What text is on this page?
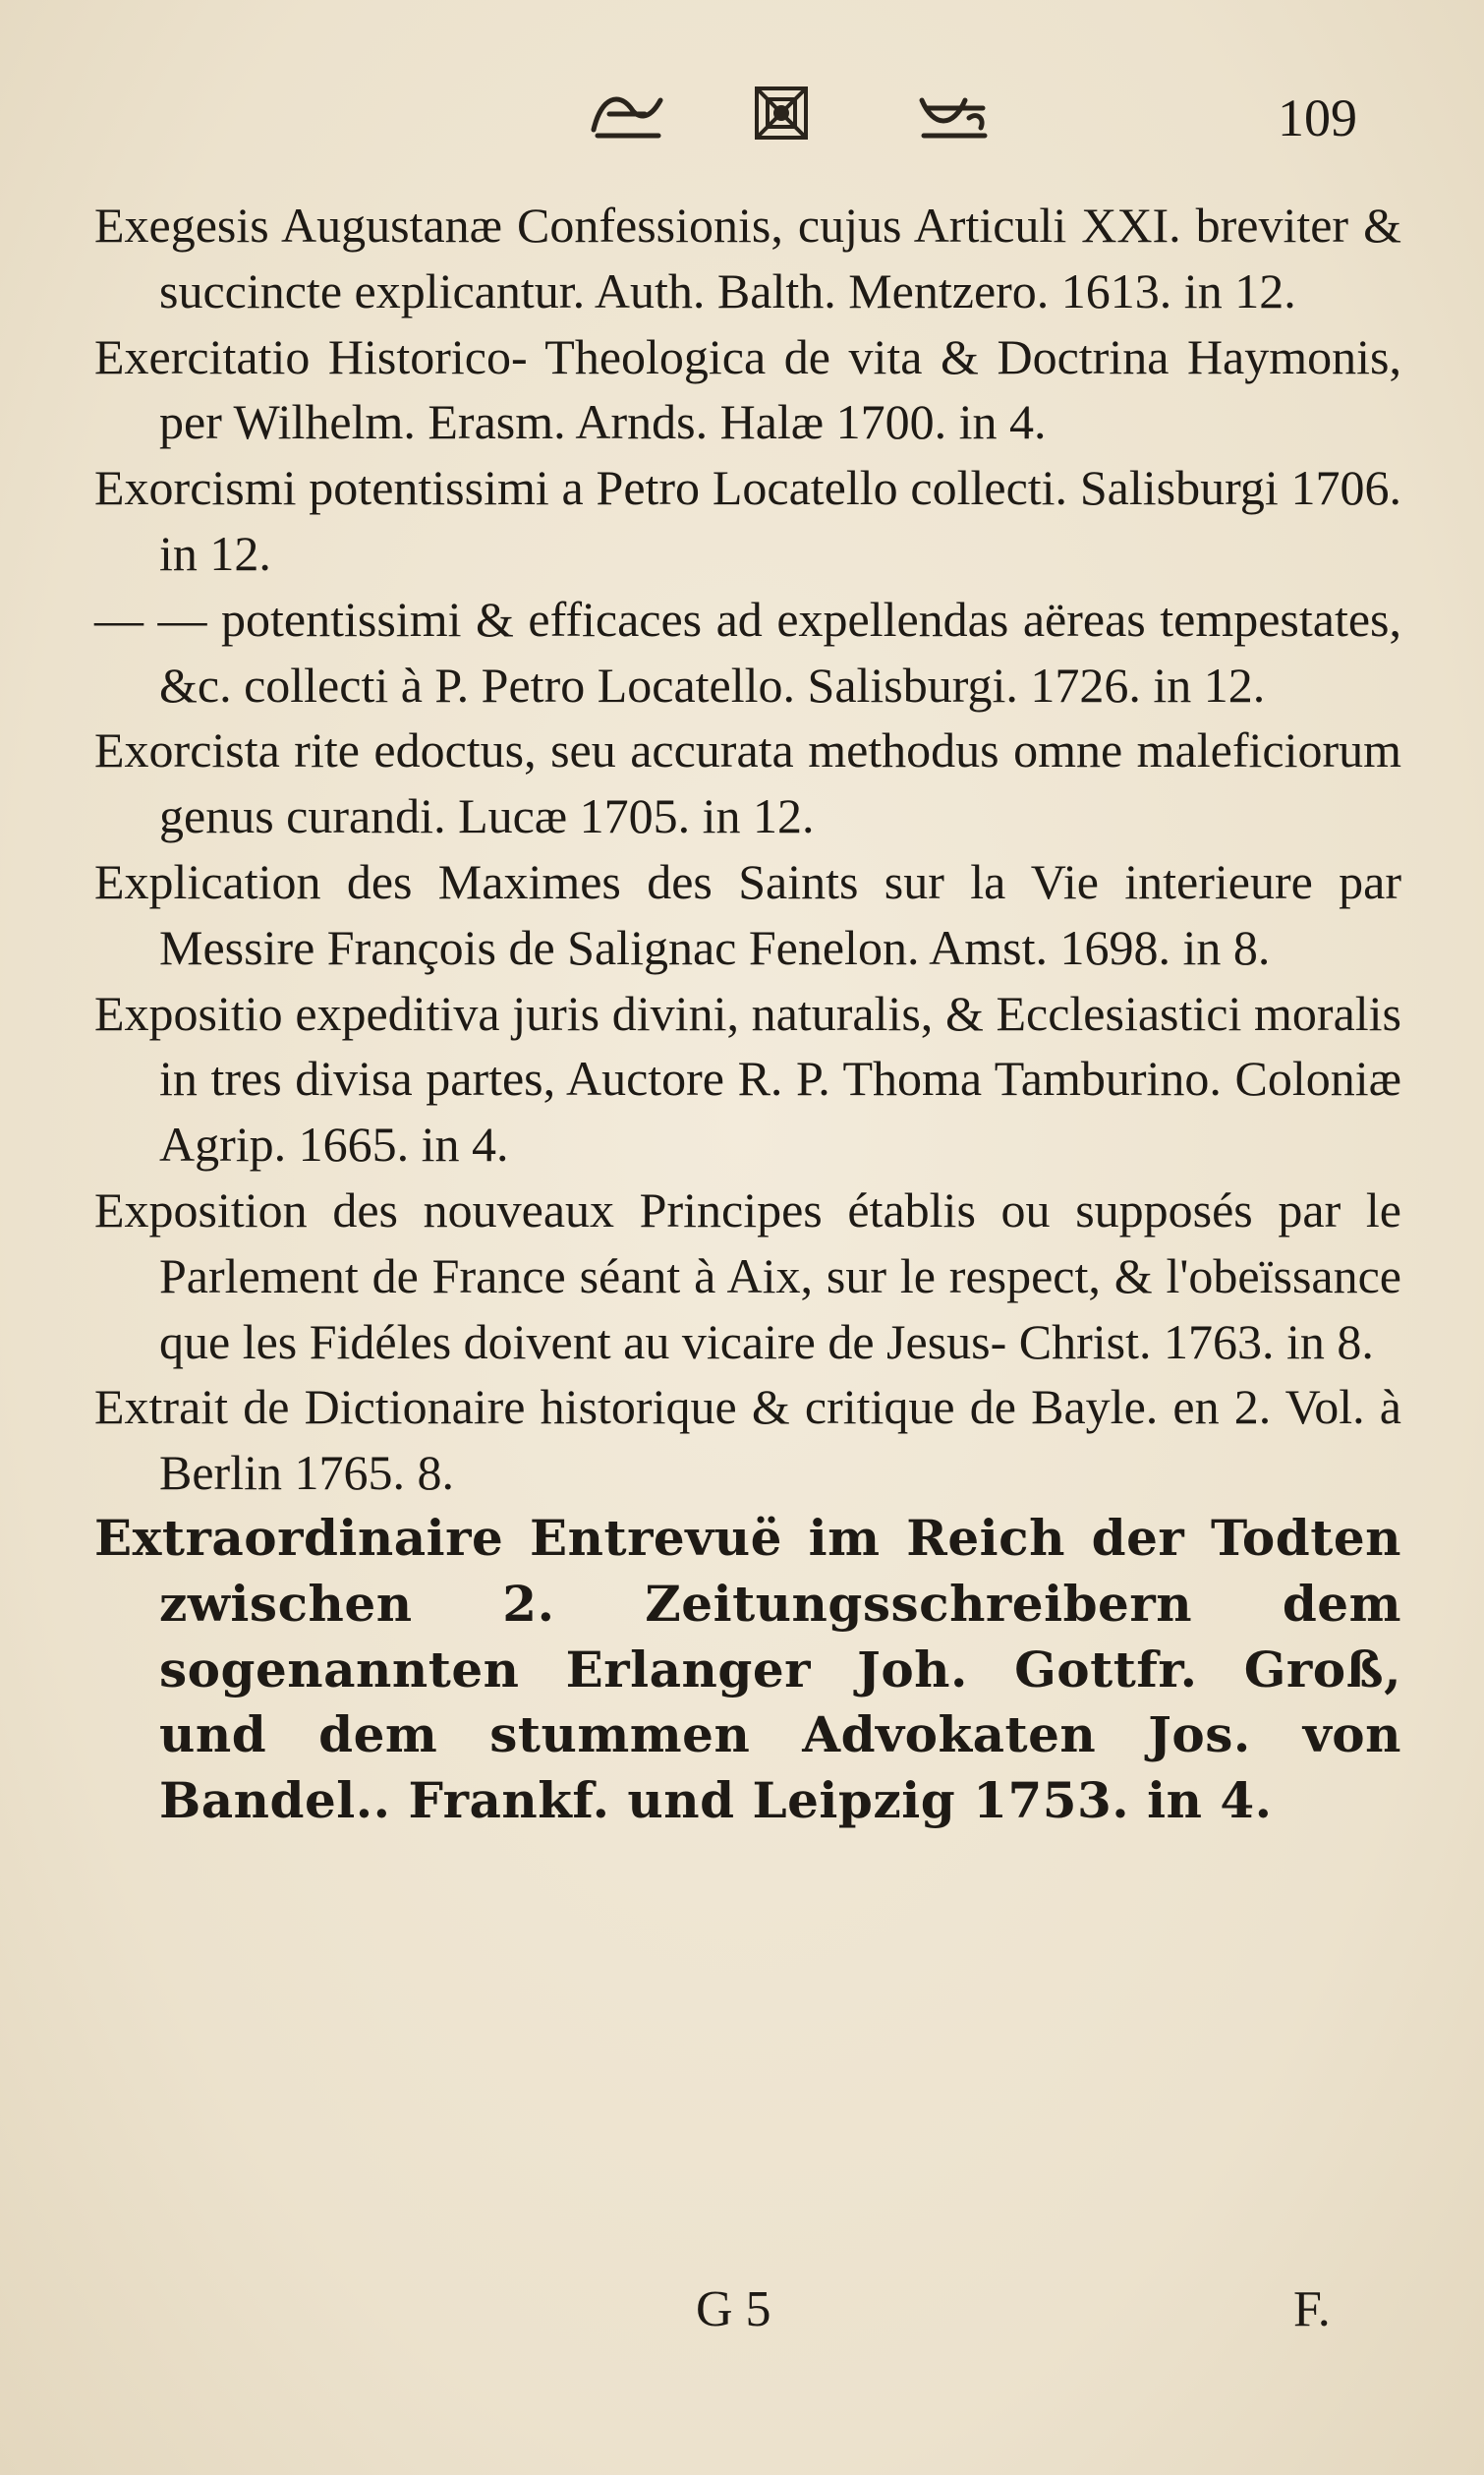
109

Exegesis Augustanæ Confessionis, cujus Articuli XXI. breviter & succincte explicantur. Auth. Balth. Mentzero. 1613. in 12.

Exercitatio Historico- Theologica de vita & Doctrina Haymonis, per Wilhelm. Erasm. Arnds. Halæ 1700. in 4.

Exorcismi potentissimi a Petro Locatello collecti. Salisburgi 1706. in 12.

— — potentissimi & efficaces ad expellendas aëreas tempestates, &c. collecti à P. Petro Locatello. Salisburgi. 1726. in 12.

Exorcista rite edoctus, seu accurata methodus omne maleficiorum genus curandi. Lucæ 1705. in 12.

Explication des Maximes des Saints sur la Vie interieure par Messire François de Salignac Fenelon. Amst. 1698. in 8.

Expositio expeditiva juris divini, naturalis, & Ecclesiastici moralis in tres divisa partes, Auctore R. P. Thoma Tamburino. Coloniæ Agrip. 1665. in 4.

Exposition des nouveaux Principes établis ou supposés par le Parlement de France séant à Aix, sur le respect, & l'obeïssance que les Fidéles doivent au vicaire de Jesus- Christ. 1763. in 8.

Extrait de Dictionaire historique & critique de Bayle. en 2. Vol. à Berlin 1765. 8.

Extraordinaire Entrevuë im Reich der Todten zwischen 2. Zeitungsschreibern dem sogenannten Erlanger Joh. Gottfr. Groß, und dem stummen Advokaten Jos. von Bandel.. Frankf. und Leipzig 1753. in 4.

G 5	F.
